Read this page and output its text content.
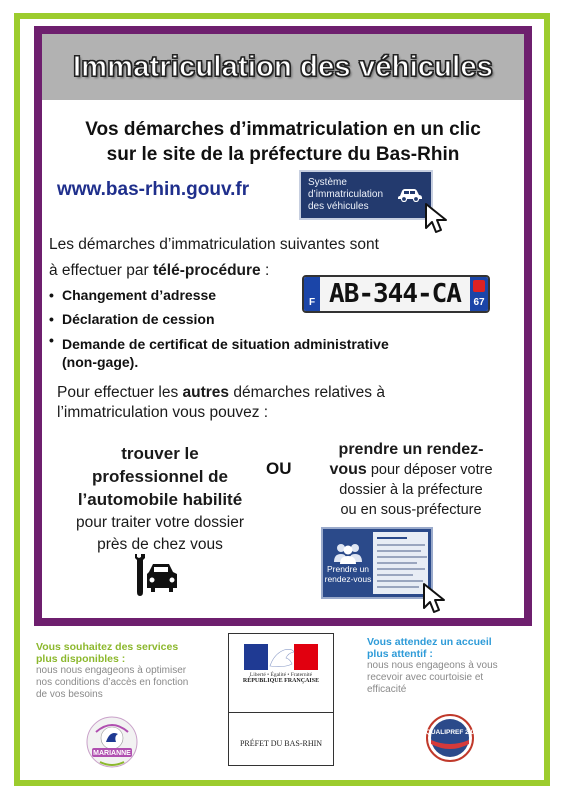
Immatriculation des véhicules
Vos démarches d’immatriculation en un clic
sur le site de la préfecture du Bas-Rhin
www.bas-rhin.gouv.fr	Système
d’immatriculation
des véhicules
Les démarches d’immatriculation suivantes sont
à effectuer par télé-procédure :
• Changement d’adresse
• Déclaration de cession
• Demande de certificat de situation administrative
(non-gage).
F AB-344-CA	67
Pour effectuer les autres démarches relatives à
l’immatriculation vous pouvez :
trouver le
professionnel de
l’automobile habilité
pour traiter votre dossier
près de chez vous
OU
prendre un rendez-
vous pour déposer votre
dossier à la préfecture
ou en sous-préfecture
Prendre un
rendez-vous
Vous souhaitez des services
plus disponibles :
nous nous engageons à optimiser
nos conditions d’accès en fonction
de vos besoins
Liberté • Égalité • Fraternité
RÉPUBLIQUE FRANÇAISE
PRÉFET DU BAS-RHIN
Vous attendez un accueil
plus attentif :
nous nous engageons à vous
recevoir avec courtoisie et
efficacité
MARIANNE
QUALIPREF 2.0
